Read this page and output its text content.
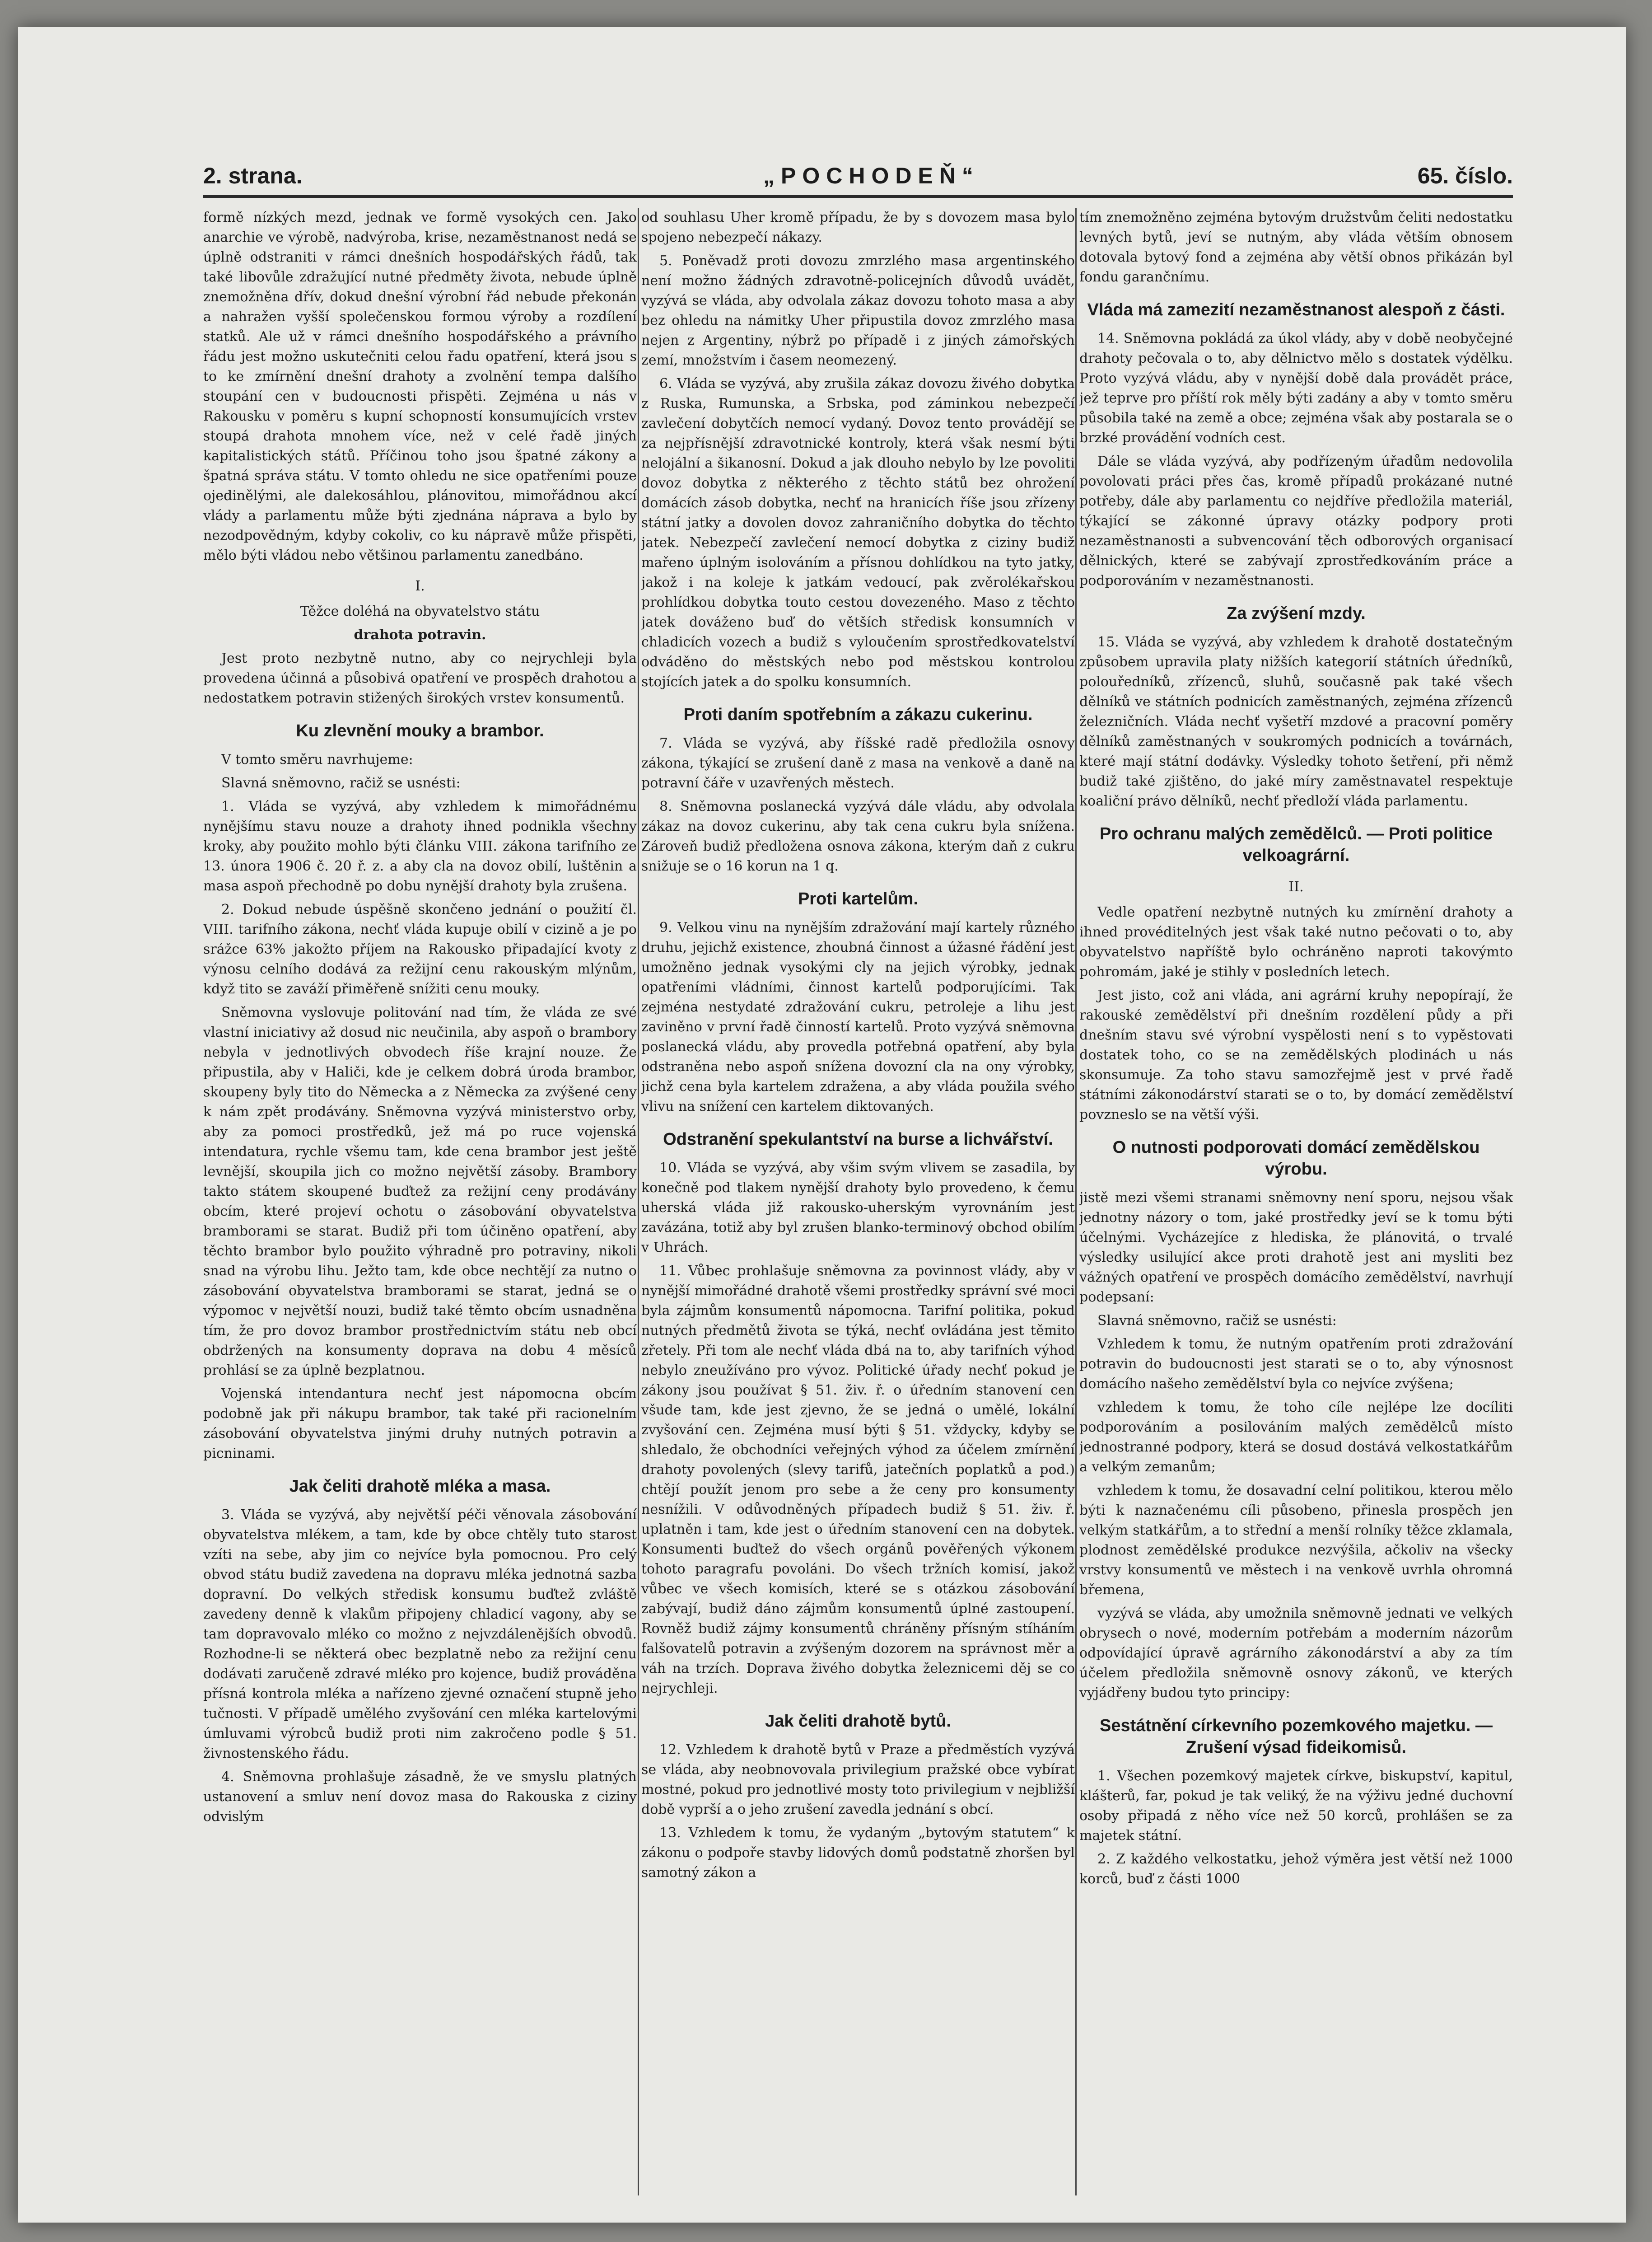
2. strana.	„POCHODEŇ“	65. číslo.

formě nízkých mezd, jednak ve formě vysokých cen. Jako anarchie ve výrobě, nadvýroba, krise, nezaměstnanost nedá se úplně odstraniti v rámci dnešních hospodářských řádů, tak také libovůle zdražující nutné předměty života, nebude úplně znemožněna dřív, dokud dnešní výrobní řád nebude překonán a nahražen vyšší společenskou formou výroby a rozdílení statků. Ale už v rámci dnešního hospodářského a právního řádu jest možno uskutečniti celou řadu opatření, která jsou s to ke zmírnění dnešní drahoty a zvolnění tempa dalšího stoupání cen v budoucnosti přispěti. Zejména u nás v Rakousku v poměru s kupní schopností konsumujících vrstev stoupá drahota mnohem více, než v celé řadě jiných kapitalistických států. Příčinou toho jsou špatné zákony a špatná správa státu. V tomto ohledu ne sice opatřeními pouze ojedinělými, ale dalekosáhlou, plánovitou, mimořádnou akcí vlády a parlamentu může býti zjednána náprava a bylo by nezodpovědným, kdyby cokoliv, co ku nápravě může přispěti, mělo býti vládou nebo většinou parlamentu zanedbáno.

I.

Těžce doléhá na obyvatelstvo státu

drahota potravin.

Jest proto nezbytně nutno, aby co nejrychleji byla provedena účinná a působivá opatření ve prospěch drahotou a nedostatkem potravin stižených širokých vrstev konsumentů.

Ku zlevnění mouky a brambor.

V tomto směru navrhujeme:

Slavná sněmovno, račiž se usnésti:

1. Vláda se vyzývá, aby vzhledem k mimořádnému nynějšímu stavu nouze a drahoty ihned podnikla všechny kroky, aby použito mohlo býti článku VIII. zákona tarifního ze 13. února 1906 č. 20 ř. z. a aby cla na dovoz obilí, luštěnin a masa aspoň přechodně po dobu nynější drahoty byla zrušena.

2. Dokud nebude úspěšně skončeno jednání o použití čl. VIII. tarifního zákona, nechť vláda kupuje obilí v cizině a je po srážce 63% jakožto příjem na Rakousko připadající kvoty z výnosu celního dodává za režijní cenu rakouským mlýnům, když tito se zaváží přiměřeně snížiti cenu mouky.

Sněmovna vyslovuje politování nad tím, že vláda ze své vlastní iniciativy až dosud nic neučinila, aby aspoň o brambory nebyla v jednotlivých obvodech říše krajní nouze. Že připustila, aby v Haliči, kde je celkem dobrá úroda brambor, skoupeny byly tito do Německa a z Německa za zvýšené ceny k nám zpět prodávány. Sněmovna vyzývá ministerstvo orby, aby za pomoci prostředků, jež má po ruce vojenská intendatura, rychle všemu tam, kde cena brambor jest ještě levnější, skoupila jich co možno největší zásoby. Brambory takto státem skoupené buďtež za režijní ceny prodávány obcím, které projeví ochotu o zásobování obyvatelstva bramborami se starat. Budiž při tom účiněno opatření, aby těchto brambor bylo použito výhradně pro potraviny, nikoli snad na výrobu lihu. Ježto tam, kde obce nechtějí za nutno o zásobování obyvatelstva bramborami se starat, jedná se o výpomoc v největší nouzi, budiž také těmto obcím usnadněna tím, že pro dovoz brambor prostřednictvím státu neb obcí obdržených na konsumenty doprava na dobu 4 měsíců prohlásí se za úplně bezplatnou.

Vojenská intendantura nechť jest nápomocna obcím podobně jak při nákupu brambor, tak také při racionelním zásobování obyvatelstva jinými druhy nutných potravin a picninami.

Jak čeliti drahotě mléka a masa.

3. Vláda se vyzývá, aby největší péči věnovala zásobování obyvatelstva mlékem, a tam, kde by obce chtěly tuto starost vzíti na sebe, aby jim co nejvíce byla pomocnou. Pro celý obvod státu budiž zavedena na dopravu mléka jednotná sazba dopravní. Do velkých středisk konsumu buďtež zvláště zavedeny denně k vlakům připojeny chladicí vagony, aby se tam dopravovalo mléko co možno z nejvzdálenějších obvodů. Rozhodne-li se některá obec bezplatně nebo za režijní cenu dodávati zaručeně zdravé mléko pro kojence, budiž prováděna přísná kontrola mléka a nařízeno zjevné označení stupně jeho tučnosti. V případě umělého zvyšování cen mléka kartelovými úmluvami výrobců budiž proti nim zakročeno podle § 51. živnostenského řádu.

4. Sněmovna prohlašuje zásadně, že ve smyslu platných ustanovení a smluv není dovoz masa do Rakouska z ciziny odvislým

od souhlasu Uher kromě případu, že by s dovozem masa bylo spojeno nebezpečí nákazy.

5. Poněvadž proti dovozu zmrzlého masa argentinského není možno žádných zdravotně-policejních důvodů uvádět, vyzývá se vláda, aby odvolala zákaz dovozu tohoto masa a aby bez ohledu na námitky Uher připustila dovoz zmrzlého masa nejen z Argentiny, nýbrž po případě i z jiných zámořských zemí, množstvím i časem neomezený.

6. Vláda se vyzývá, aby zrušila zákaz dovozu živého dobytka z Ruska, Rumunska, a Srbska, pod záminkou nebezpečí zavlečení dobytčích nemocí vydaný. Dovoz tento provádějí se za nejpřísnější zdravotnické kontroly, která však nesmí býti nelojální a šikanosní. Dokud a jak dlouho nebylo by lze povoliti dovoz dobytka z některého z těchto států bez ohrožení domácích zásob dobytka, nechť na hranicích říše jsou zřízeny státní jatky a dovolen dovoz zahraničního dobytka do těchto jatek. Nebezpečí zavlečení nemocí dobytka z ciziny budiž mařeno úplným isolováním a přísnou dohlídkou na tyto jatky, jakož i na koleje k jatkám vedoucí, pak zvěrolékařskou prohlídkou dobytka touto cestou dovezeného. Maso z těchto jatek dováženo buď do větších středisk konsumních v chladicích vozech a budiž s vyloučením sprostředkovatelství odváděno do městských nebo pod městskou kontrolou stojících jatek a do spolku konsumních.

Proti daním spotřebním a zákazu cukerinu.

7. Vláda se vyzývá, aby říšské radě předložila osnovy zákona, týkající se zrušení daně z masa na venkově a daně na potravní čáře v uzavřených městech.

8. Sněmovna poslanecká vyzývá dále vládu, aby odvolala zákaz na dovoz cukerinu, aby tak cena cukru byla snížena. Zároveň budiž předložena osnova zákona, kterým daň z cukru snižuje se o 16 korun na 1 q.

Proti kartelům.

9. Velkou vinu na nynějším zdražování mají kartely různého druhu, jejichž existence, zhoubná činnost a úžasné řádění jest umožněno jednak vysokými cly na jejich výrobky, jednak opatřeními vládními, činnost kartelů podporujícími. Tak zejména nestydaté zdražování cukru, petroleje a lihu jest zaviněno v první řadě činností kartelů. Proto vyzývá sněmovna poslanecká vládu, aby provedla potřebná opatření, aby byla odstraněna nebo aspoň snížena dovozní cla na ony výrobky, jichž cena byla kartelem zdražena, a aby vláda použila svého vlivu na snížení cen kartelem diktovaných.

Odstranění spekulantství na burse a lichvářství.

10. Vláda se vyzývá, aby všim svým vlivem se zasadila, by konečně pod tlakem nynější drahoty bylo provedeno, k čemu uherská vláda již rakousko-uherským vyrovnáním jest zavázána, totiž aby byl zrušen blanko-terminový obchod obilím v Uhrách.

11. Vůbec prohlašuje sněmovna za povinnost vlády, aby v nynější mimořádné drahotě všemi prostředky správní své moci byla zájmům konsumentů nápomocna. Tarifní politika, pokud nutných předmětů života se týká, nechť ovládána jest těmito zřetely. Při tom ale nechť vláda dbá na to, aby tarifních výhod nebylo zneužíváno pro vývoz. Politické úřady nechť pokud je zákony jsou používat § 51. živ. ř. o úředním stanovení cen všude tam, kde jest zjevno, že se jedná o umělé, lokální zvyšování cen. Zejména musí býti § 51. vždycky, kdyby se shledalo, že obchodníci veřejných výhod za účelem zmírnění drahoty povolených (slevy tarifů, jatečních poplatků a pod.) chtějí použít jenom pro sebe a že ceny pro konsumenty nesnížili. V odůvodněných případech budiž § 51. živ. ř. uplatněn i tam, kde jest o úředním stanovení cen na dobytek. Konsumenti buďtež do všech orgánů pověřených výkonem tohoto paragrafu povoláni. Do všech tržních komisí, jakož vůbec ve všech komisích, které se s otázkou zásobování zabývají, budiž dáno zájmům konsumentů úplné zastoupení. Rovněž budiž zájmy konsumentů chráněny přísným stíháním falšovatelů potravin a zvýšeným dozorem na správnost měr a váh na trzích. Doprava živého dobytka železnicemi děj se co nejrychleji.

Jak čeliti drahotě bytů.

12. Vzhledem k drahotě bytů v Praze a předměstích vyzývá se vláda, aby neobnovovala privilegium pražské obce vybírat mostné, pokud pro jednotlivé mosty toto privilegium v nejbližší době vyprší a o jeho zrušení zavedla jednání s obcí.

13. Vzhledem k tomu, že vydaným „bytovým statutem“ k zákonu o podpoře stavby lidových domů podstatně zhoršen byl samotný zákon a

tím znemožněno zejména bytovým družstvům čeliti nedostatku levných bytů, jeví se nutným, aby vláda větším obnosem dotovala bytový fond a zejména aby větší obnos přikázán byl fondu garančnímu.

Vláda má zamezití nezaměstnanost alespoň z části.

14. Sněmovna pokládá za úkol vlády, aby v době neobyčejné drahoty pečovala o to, aby dělnictvo mělo s dostatek výdělku. Proto vyzývá vládu, aby v nynější době dala provádět práce, jež teprve pro příští rok měly býti zadány a aby v tomto směru působila také na země a obce; zejména však aby postarala se o brzké provádění vodních cest.

Dále se vláda vyzývá, aby podřízeným úřadům nedovolila povolovati práci přes čas, kromě případů prokázané nutné potřeby, dále aby parlamentu co nejdříve předložila materiál, týkající se zákonné úpravy otázky podpory proti nezaměstnanosti a subvencování těch odborových organisací dělnických, které se zabývají zprostředkováním práce a podporováním v nezaměstnanosti.

Za zvýšení mzdy.

15. Vláda se vyzývá, aby vzhledem k drahotě dostatečným způsobem upravila platy nižších kategorií státních úředníků, polouředníků, zřízenců, sluhů, současně pak také všech dělníků ve státních podnicích zaměstnaných, zejména zřízenců železničních. Vláda nechť vyšetří mzdové a pracovní poměry dělníků zaměstnaných v soukromých podnicích a továrnách, které mají státní dodávky. Výsledky tohoto šetření, při němž budiž také zjištěno, do jaké míry zaměstnavatel respektuje koaliční právo dělníků, nechť předloží vláda parlamentu.

Pro ochranu malých zemědělců. — Proti politice velkoagrární.
II.

Vedle opatření nezbytně nutných ku zmírnění drahoty a ihned provéditelných jest však také nutno pečovati o to, aby obyvatelstvo napříště bylo ochráněno naproti takovýmto pohromám, jaké je stihly v posledních letech.

Jest jisto, což ani vláda, ani agrární kruhy nepopírají, že rakouské zemědělství při dnešním rozdělení půdy a při dnešním stavu své výrobní vyspělosti není s to vypěstovati dostatek toho, co se na zemědělských plodinách u nás skonsumuje. Za toho stavu samozřejmě jest v prvé řadě státními zákonodárství starati se o to, by domácí zemědělství povzneslo se na větší výši.

O nutnosti podporovati domácí zemědělskou výrobu.

jistě mezi všemi stranami sněmovny není sporu, nejsou však jednotny názory o tom, jaké prostředky jeví se k tomu býti účelnými. Vycházejíce z hlediska, že plánovitá, o trvalé výsledky usilující akce proti drahotě jest ani mysliti bez vážných opatření ve prospěch domácího zemědělství, navrhují podepsaní:

Slavná sněmovno, račiž se usnésti:

Vzhledem k tomu, že nutným opatřením proti zdražování potravin do budoucnosti jest starati se o to, aby výnosnost domácího našeho zemědělství byla co nejvíce zvýšena;

vzhledem k tomu, že toho cíle nejlépe lze docíliti podporováním a posilováním malých zemědělců místo jednostranné podpory, která se dosud dostává velkostatkářům a velkým zemanům;

vzhledem k tomu, že dosavadní celní politikou, kterou mělo býti k naznačenému cíli působeno, přinesla prospěch jen velkým statkářům, a to střední a menší rolníky těžce zklamala, plodnost zemědělské produkce nezvýšila, ačkoliv na všecky vrstvy konsumentů ve městech i na venkově uvrhla ohromná břemena,

vyzývá se vláda, aby umožnila sněmovně jednati ve velkých obrysech o nové, moderním potřebám a moderním názorům odpovídající úpravě agrárního zákonodárství a aby za tím účelem předložila sněmovně osnovy zákonů, ve kterých vyjádřeny budou tyto principy:

Sestátnění církevního pozemkového majetku. — Zrušení výsad fideikomisů.

1. Všechen pozemkový majetek církve, biskupství, kapitul, klášterů, far, pokud je tak veliký, že na výživu jedné duchovní osoby připadá z něho více než 50 korců, prohlášen se za majetek státní.

2. Z každého velkostatku, jehož výměra jest větší než 1000 korců, buď z části 1000
